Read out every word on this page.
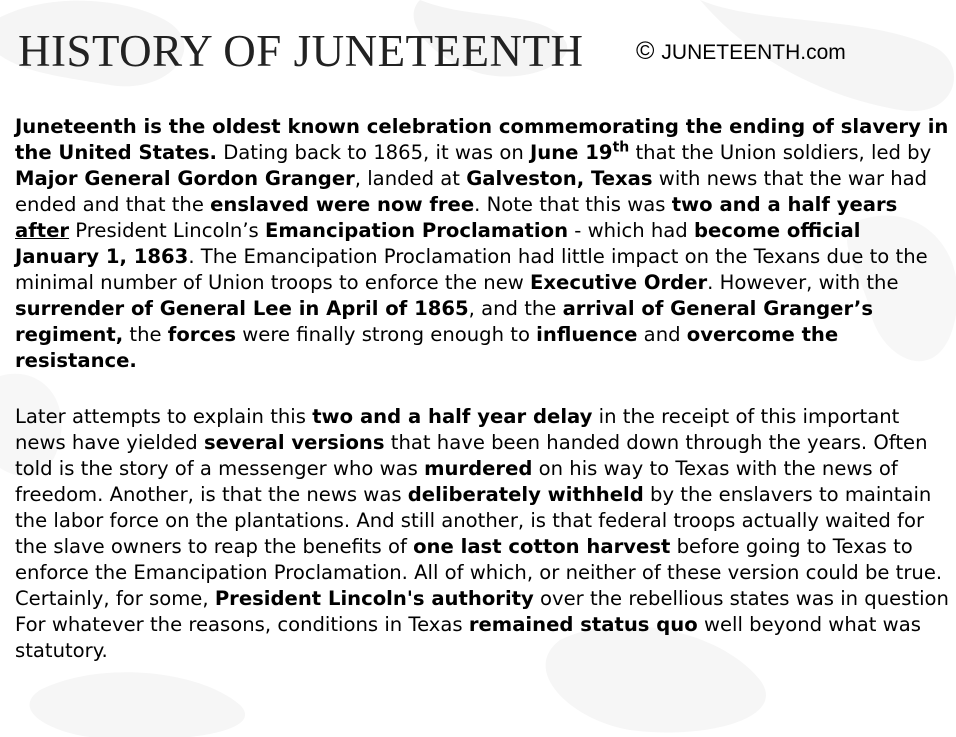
HISTORY OF JUNETEENTH © JUNETEENTH.com

Juneteenth is the oldest known celebration commemorating the ending of slavery in the United States. Dating back to 1865, it was on June 19th that the Union soldiers, led by Major General Gordon Granger, landed at Galveston, Texas with news that the war had ended and that the enslaved were now free. Note that this was two and a half years after President Lincoln’s Emancipation Proclamation - which had become official January 1, 1863. The Emancipation Proclamation had little impact on the Texans due to the minimal number of Union troops to enforce the new Executive Order. However, with the surrender of General Lee in April of 1865, and the arrival of General Granger’s regiment, the forces were finally strong enough to influence and overcome the resistance.

Later attempts to explain this two and a half year delay in the receipt of this important news have yielded several versions that have been handed down through the years. Often told is the story of a messenger who was murdered on his way to Texas with the news of freedom. Another, is that the news was deliberately withheld by the enslavers to maintain the labor force on the plantations. And still another, is that federal troops actually waited for the slave owners to reap the benefits of one last cotton harvest before going to Texas to enforce the Emancipation Proclamation. All of which, or neither of these version could be true. Certainly, for some, President Lincoln's authority over the rebellious states was in question For whatever the reasons, conditions in Texas remained status quo well beyond what was statutory.
